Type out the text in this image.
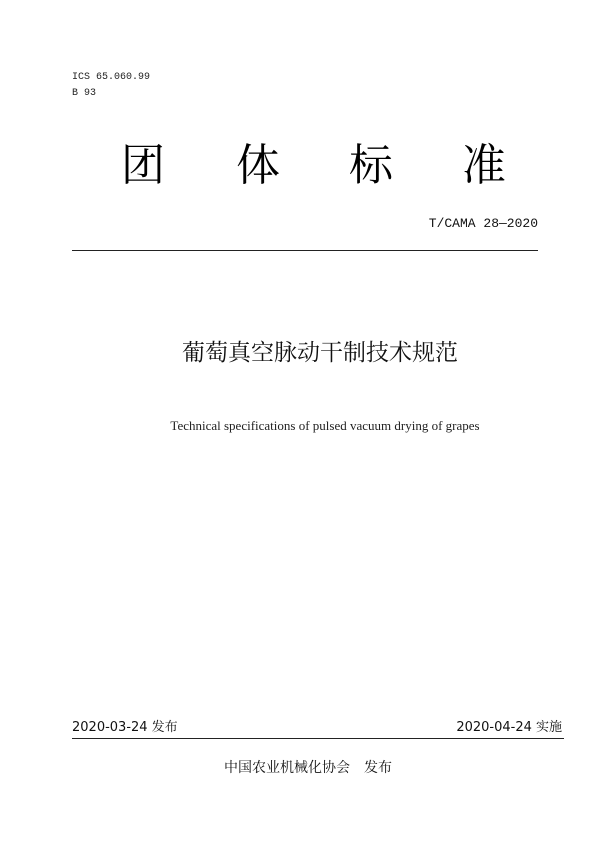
ICS 65.060.99
B 93
团 体 标 准
T/CAMA 28—2020
葡萄真空脉动干制技术规范
Technical specifications of pulsed vacuum drying of grapes
2020-03-24 发布	2020-04-24 实施
中国农业机械化协会 发布
